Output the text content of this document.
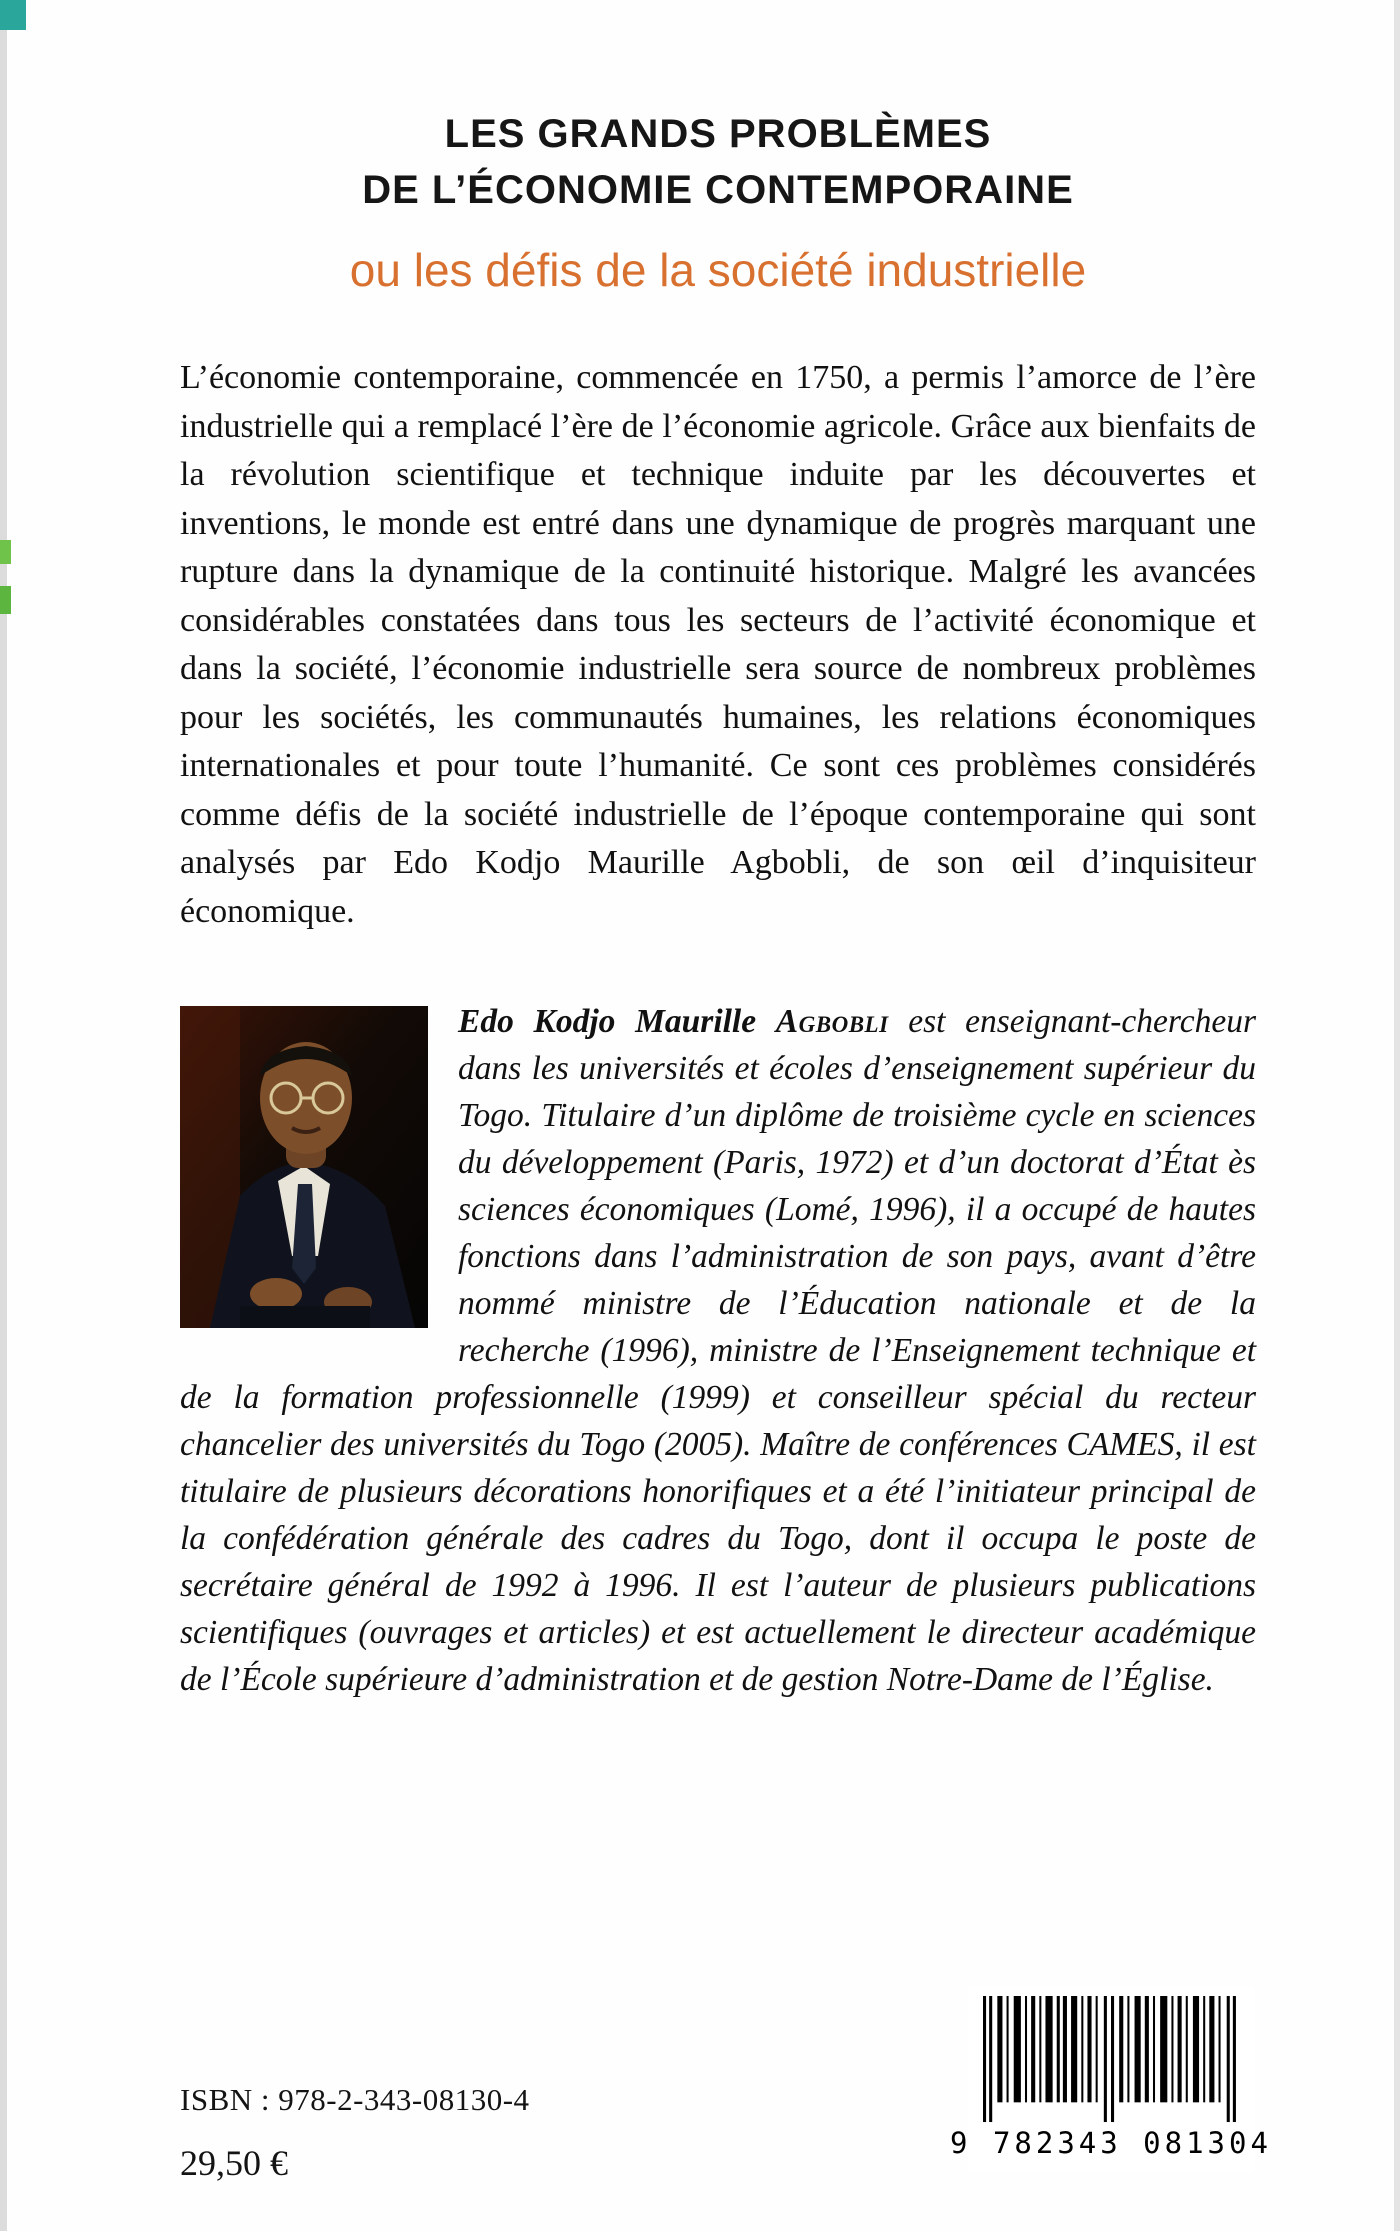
LES GRANDS PROBLÈMES
DE L’ÉCONOMIE CONTEMPORAINE
ou les défis de la société industrielle
L’économie contemporaine, commencée en 1750, a permis l’amorce de l’ère industrielle qui a remplacé l’ère de l’économie agricole. Grâce aux bienfaits de la révolution scientifique et technique induite par les découvertes et inventions, le monde est entré dans une dynamique de progrès marquant une rupture dans la dynamique de la continuité historique. Malgré les avancées considérables constatées dans tous les secteurs de l’activité économique et dans la société, l’économie industrielle sera source de nombreux problèmes pour les sociétés, les communautés humaines, les relations économiques internationales et pour toute l’humanité. Ce sont ces problèmes considérés comme défis de la société industrielle de l’époque contemporaine qui sont analysés par Edo Kodjo Maurille Agbobli, de son œil d’inquisiteur économique.
Edo Kodjo Maurille Agbobli est enseignant-chercheur dans les universités et écoles d’enseignement supérieur du Togo. Titulaire d’un diplôme de troisième cycle en sciences du développement (Paris, 1972) et d’un doctorat d’État ès sciences économiques (Lomé, 1996), il a occupé de hautes fonctions dans l’administration de son pays, avant d’être nommé ministre de l’Éducation nationale et de la recherche (1996), ministre de l’Enseignement technique et de la formation professionnelle (1999) et conseilleur spécial du recteur chancelier des universités du Togo (2005). Maître de conférences CAMES, il est titulaire de plusieurs décorations honorifiques et a été l’initiateur principal de la confédération générale des cadres du Togo, dont il occupa le poste de secrétaire général de 1992 à 1996. Il est l’auteur de plusieurs publications scientifiques (ouvrages et articles) et est actuellement le directeur académique de l’École supérieure d’administration et de gestion Notre-Dame de l’Église.
ISBN : 978-2-343-08130-4
29,50 €	9 782343 081304
